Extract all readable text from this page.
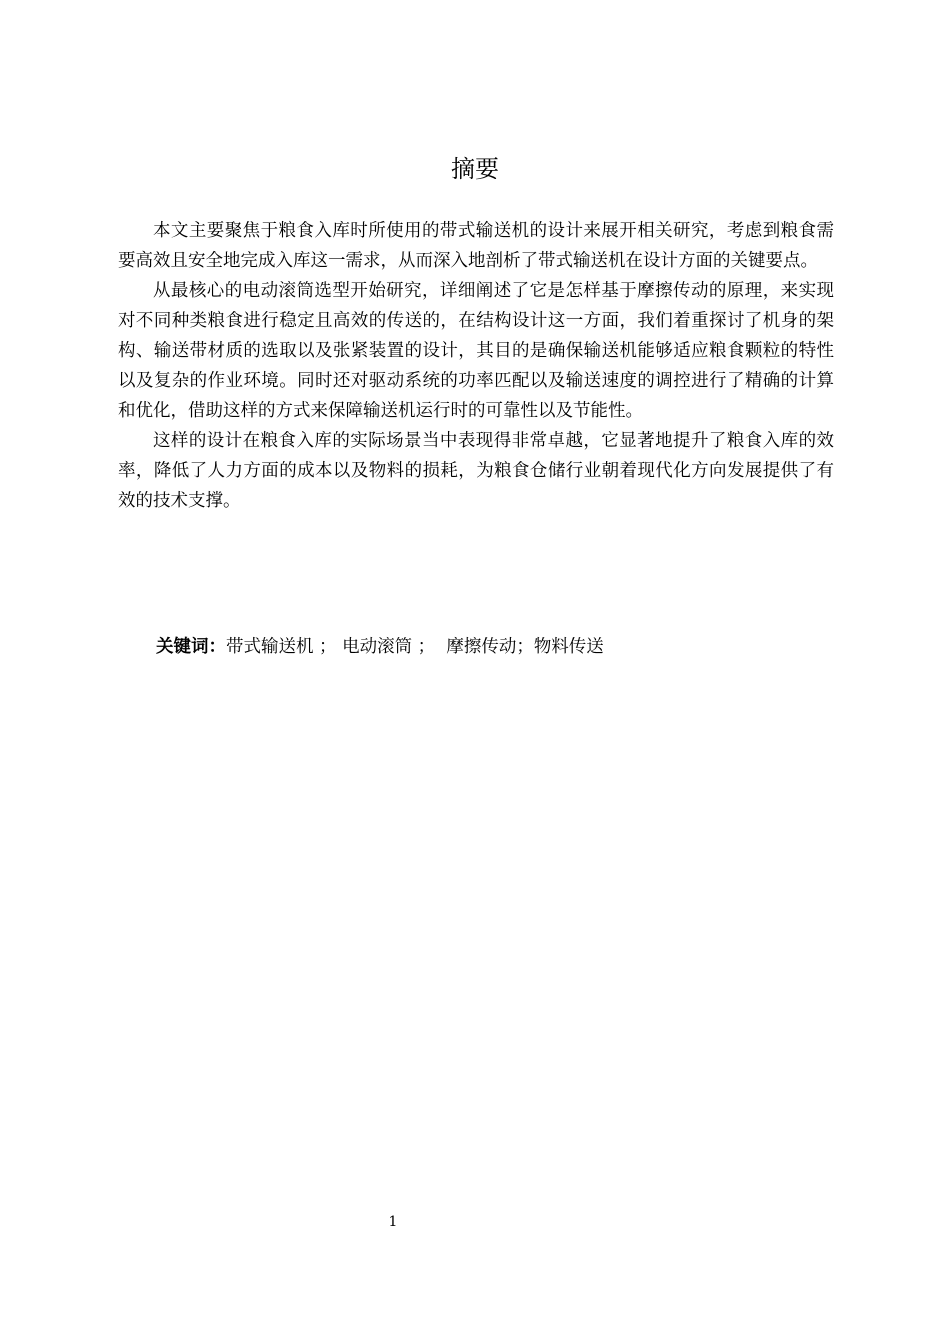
摘要

本文主要聚焦于粮食入库时所使用的带式输送机的设计来展开相关研究，考虑到粮食需要高效且安全地完成入库这一需求，从而深入地剖析了带式输送机在设计方面的关键要点。

从最核心的电动滚筒选型开始研究，详细阐述了它是怎样基于摩擦传动的原理，来实现对不同种类粮食进行稳定且高效的传送的，在结构设计这一方面，我们着重探讨了机身的架构、输送带材质的选取以及张紧装置的设计，其目的是确保输送机能够适应粮食颗粒的特性以及复杂的作业环境。同时还对驱动系统的功率匹配以及输送速度的调控进行了精确的计算和优化，借助这样的方式来保障输送机运行时的可靠性以及节能性。

这样的设计在粮食入库的实际场景当中表现得非常卓越，它显著地提升了粮食入库的效率，降低了人力方面的成本以及物料的损耗，为粮食仓储行业朝着现代化方向发展提供了有效的技术支撑。

关键词：带式输送机 ； 电动滚筒 ；  摩擦传动；物料传送
1
